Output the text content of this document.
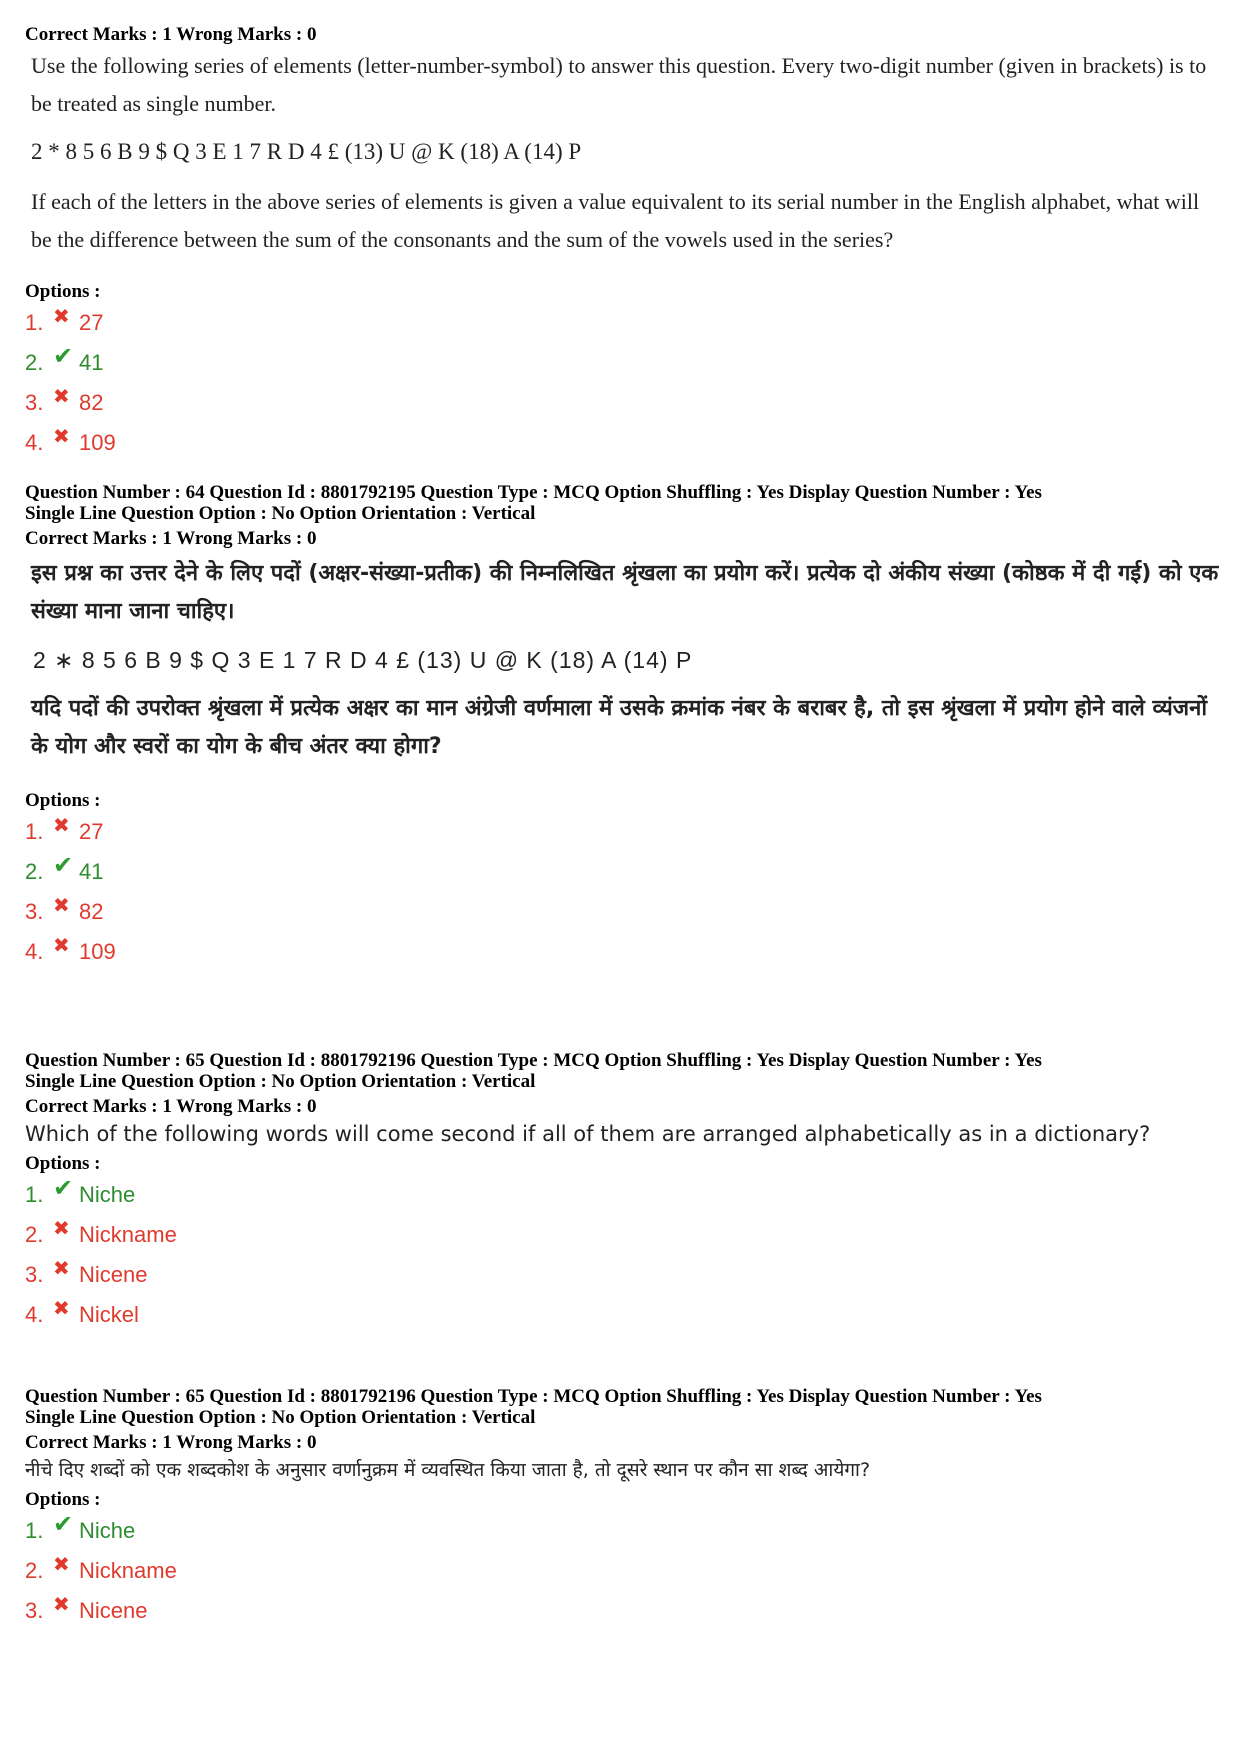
Correct Marks : 1 Wrong Marks : 0

Use the following series of elements (letter-number-symbol) to answer this question. Every two-digit number (given in brackets) is to be treated as single number.

2 * 8 5 6 B 9 $ Q 3 E 1 7 R D 4 £ (13) U @ K (18) A (14) P

If each of the letters in the above series of elements is given a value equivalent to its serial number in the English alphabet, what will be the difference between the sum of the consonants and the sum of the vowels used in the series?

Options :
1. ✖ 27
2. ✔ 41
3. ✖ 82
4. ✖ 109
Question Number : 64 Question Id : 8801792195 Question Type : MCQ Option Shuffling : Yes Display Question Number : Yes
Single Line Question Option : No Option Orientation : Vertical
Correct Marks : 1 Wrong Marks : 0

इस प्रश्न का उत्तर देने के लिए पदों (अक्षर-संख्या-प्रतीक) की निम्नलिखित श्रृंखला का प्रयोग करें। प्रत्येक दो अंकीय संख्या (कोष्ठक में दी गई) को एक संख्या माना जाना चाहिए।

2 ∗ 8 5 6 B 9 $ Q 3 E 1 7 R D 4 £ (13) U @ K (18) A (14) P

यदि पदों की उपरोक्त श्रृंखला में प्रत्येक अक्षर का मान अंग्रेजी वर्णमाला में उसके क्रमांक नंबर के बराबर है, तो इस श्रृंखला में प्रयोग होने वाले व्यंजनों के योग और स्वरों का योग के बीच अंतर क्या होगा?

Options :
1. ✖ 27
2. ✔ 41
3. ✖ 82
4. ✖ 109
Question Number : 65 Question Id : 8801792196 Question Type : MCQ Option Shuffling : Yes Display Question Number : Yes
Single Line Question Option : No Option Orientation : Vertical
Correct Marks : 1 Wrong Marks : 0

Which of the following words will come second if all of them are arranged alphabetically as in a dictionary?

Options :
1. ✔ Niche
2. ✖ Nickname
3. ✖ Nicene
4. ✖ Nickel
Question Number : 65 Question Id : 8801792196 Question Type : MCQ Option Shuffling : Yes Display Question Number : Yes
Single Line Question Option : No Option Orientation : Vertical
Correct Marks : 1 Wrong Marks : 0

नीचे दिए शब्दों को एक शब्दकोश के अनुसार वर्णानुक्रम में व्यवस्थित किया जाता है, तो दूसरे स्थान पर कौन सा शब्द आयेगा?

Options :
1. ✔ Niche
2. ✖ Nickname
3. ✖ Nicene
